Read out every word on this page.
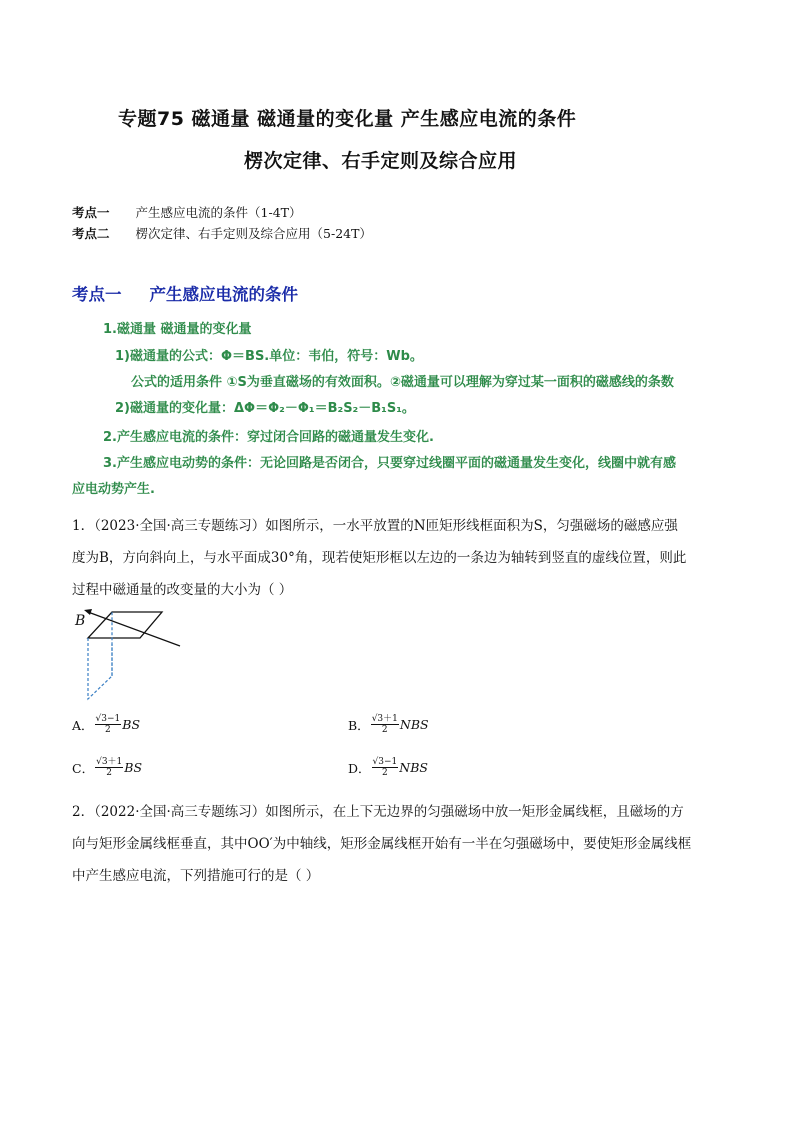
专题75 磁通量 磁通量的变化量 产生感应电流的条件
楞次定律、右手定则及综合应用
考点一 产生感应电流的条件（1-4T）
考点二 楞次定律、右手定则及综合应用（5-24T）
考点一 产生感应电流的条件
1.磁通量 磁通量的变化量
1)磁通量的公式：Φ＝BS.单位：韦伯，符号：Wb。
公式的适用条件 ①S为垂直磁场的有效面积。②磁通量可以理解为穿过某一面积的磁感线的条数
2)磁通量的变化量：ΔΦ＝Φ₂－Φ₁＝B₂S₂－B₁S₁。
2.产生感应电流的条件：穿过闭合回路的磁通量发生变化.
3.产生感应电动势的条件：无论回路是否闭合，只要穿过线圈平面的磁通量发生变化，线圈中就有感
应电动势产生.
1．（2023·全国·高三专题练习）如图所示，一水平放置的N匝矩形线框面积为S，匀强磁场的磁感应强
度为B，方向斜向上，与水平面成30°角，现若使矩形框以左边的一条边为轴转到竖直的虚线位置，则此
过程中磁通量的改变量的大小为（ ）
B
A． $\frac{√3-1}{2}$ BS	B． $\frac{√3+1}{2}$ NBS
C． $\frac{√3+1}{2}$ BS	D． $\frac{√3-1}{2}$ NBS
2．（2022·全国·高三专题练习）如图所示，在上下无边界的匀强磁场中放一矩形金属线框，且磁场的方
向与矩形金属线框垂直，其中OO′为中轴线，矩形金属线框开始有一半在匀强磁场中，要使矩形金属线框
中产生感应电流，下列措施可行的是（ ）
